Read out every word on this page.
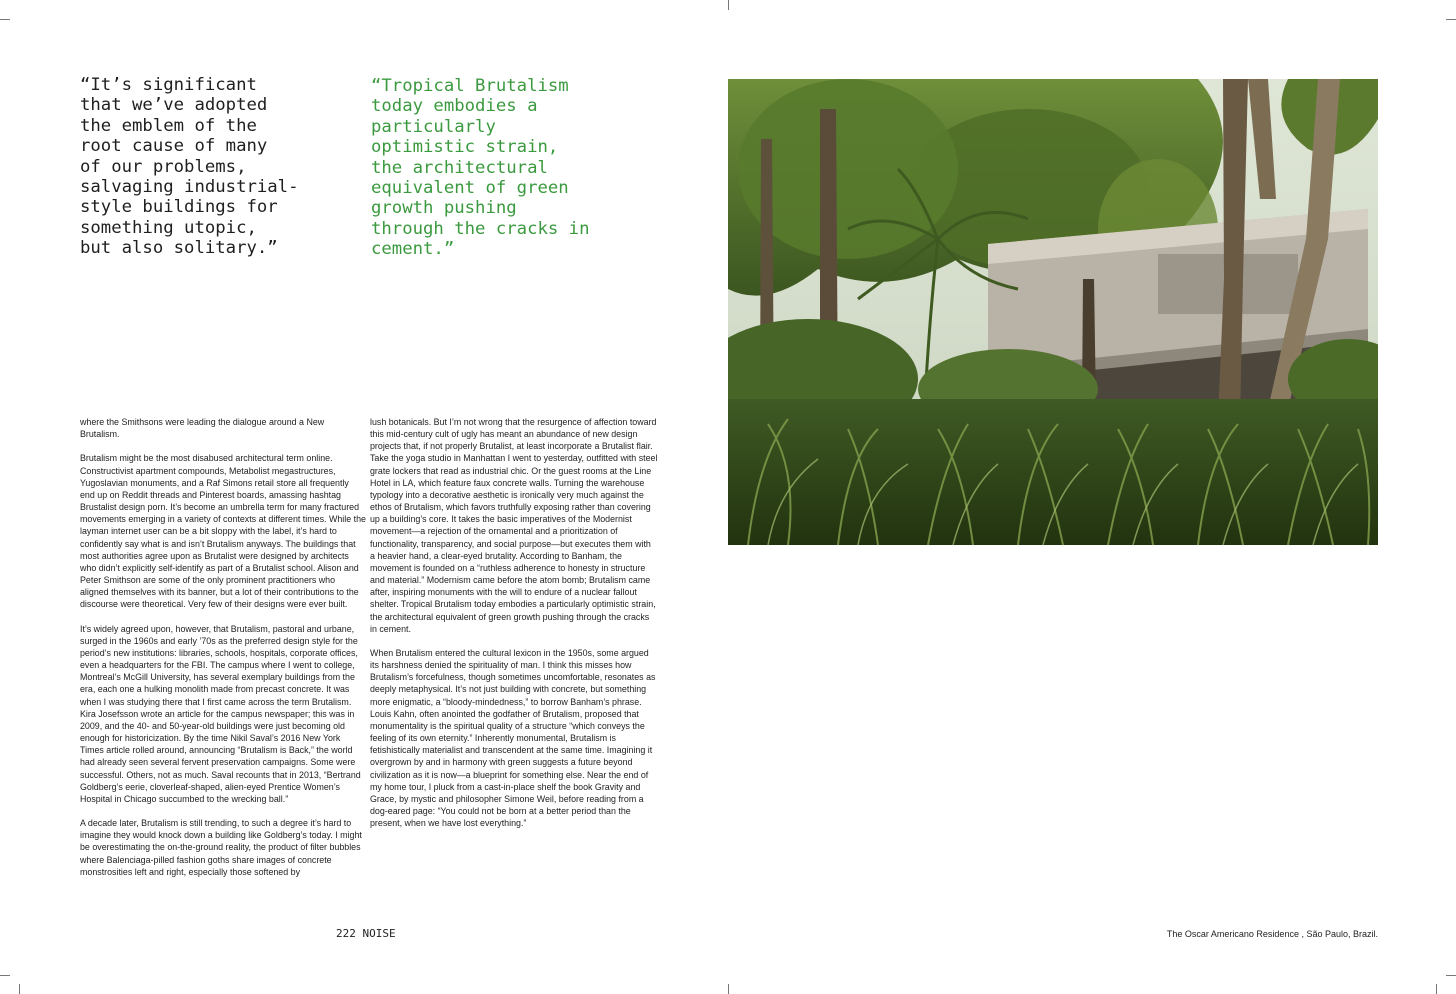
“It’s significant
that we’ve adopted
the emblem of the
root cause of many
of our problems,
salvaging industrial-
style buildings for
something utopic,
but also solitary.”

“Tropical Brutalism
today embodies a
particularly
optimistic strain,
the architectural
equivalent of green
growth pushing
through the cracks in
cement.”

where the Smithsons were leading the dialogue around a New Brutalism.

Brutalism might be the most disabused architectural term online. Constructivist apartment compounds, Metabolist megastructures, Yugoslavian monuments, and a Raf Simons retail store all frequently end up on Reddit threads and Pinterest boards, amassing hashtag Brustalist design porn. It’s become an umbrella term for many fractured movements emerging in a variety of contexts at different times. While the layman internet user can be a bit sloppy with the label, it’s hard to confidently say what is and isn’t Brutalism anyways. The buildings that most authorities agree upon as Brutalist were designed by architects who didn’t explicitly self-identify as part of a Brutalist school. Alison and Peter Smithson are some of the only prominent practitioners who aligned themselves with its banner, but a lot of their contributions to the discourse were theoretical. Very few of their designs were ever built.

It’s widely agreed upon, however, that Brutalism, pastoral and urbane, surged in the 1960s and early ’70s as the preferred design style for the period’s new institutions: libraries, schools, hospitals, corporate offices, even a headquarters for the FBI. The campus where I went to college, Montreal’s McGill University, has several exemplary buildings from the era, each one a hulking monolith made from precast concrete. It was when I was studying there that I first came across the term Brutalism. Kira Josefsson wrote an article for the campus newspaper; this was in 2009, and the 40- and 50-year-old buildings were just becoming old enough for historicization. By the time Nikil Saval’s 2016 New York Times article rolled around, announcing “Brutalism is Back,” the world had already seen several fervent preservation campaigns. Some were successful. Others, not as much. Saval recounts that in 2013, “Bertrand Goldberg’s eerie, cloverleaf-shaped, alien-eyed Prentice Women’s Hospital in Chicago succumbed to the wrecking ball.”

A decade later, Brutalism is still trending, to such a degree it’s hard to imagine they would knock down a building like Goldberg’s today. I might be overestimating the on-the-ground reality, the product of filter bubbles where Balenciaga-pilled fashion goths share images of concrete monstrosities left and right, especially those softened by

lush botanicals. But I’m not wrong that the resurgence of affection toward this mid-century cult of ugly has meant an abundance of new design projects that, if not properly Brutalist, at least incorporate a Brutalist flair. Take the yoga studio in Manhattan I went to yesterday, outfitted with steel grate lockers that read as industrial chic. Or the guest rooms at the Line Hotel in LA, which feature faux concrete walls. Turning the warehouse typology into a decorative aesthetic is ironically very much against the ethos of Brutalism, which favors truthfully exposing rather than covering up a building’s core. It takes the basic imperatives of the Modernist movement—a rejection of the ornamental and a prioritization of functionality, transparency, and social purpose—but executes them with a heavier hand, a clear-eyed brutality. According to Banham, the movement is founded on a “ruthless adherence to honesty in structure and material.” Modernism came before the atom bomb; Brutalism came after, inspiring monuments with the will to endure of a nuclear fallout shelter. Tropical Brutalism today embodies a particularly optimistic strain, the architectural equivalent of green growth pushing through the cracks in cement.

When Brutalism entered the cultural lexicon in the 1950s, some argued its harshness denied the spirituality of man. I think this misses how Brutalism’s forcefulness, though sometimes uncomfortable, resonates as deeply metaphysical. It’s not just building with concrete, but something more enigmatic, a “bloody-mindedness,” to borrow Banham’s phrase. Louis Kahn, often anointed the godfather of Brutalism, proposed that monumentality is the spiritual quality of a structure “which conveys the feeling of its own eternity.” Inherently monumental, Brutalism is fetishistically materialist and transcendent at the same time. Imagining it overgrown by and in harmony with green suggests a future beyond civilization as it is now—a blueprint for something else. Near the end of my home tour, I pluck from a cast-in-place shelf the book Gravity and Grace, by mystic and philosopher Simone Weil, before reading from a dog-eared page: “You could not be born at a better period than the present, when we have lost everything.”

222 NOISE	The Oscar Americano Residence , São Paulo, Brazil.
